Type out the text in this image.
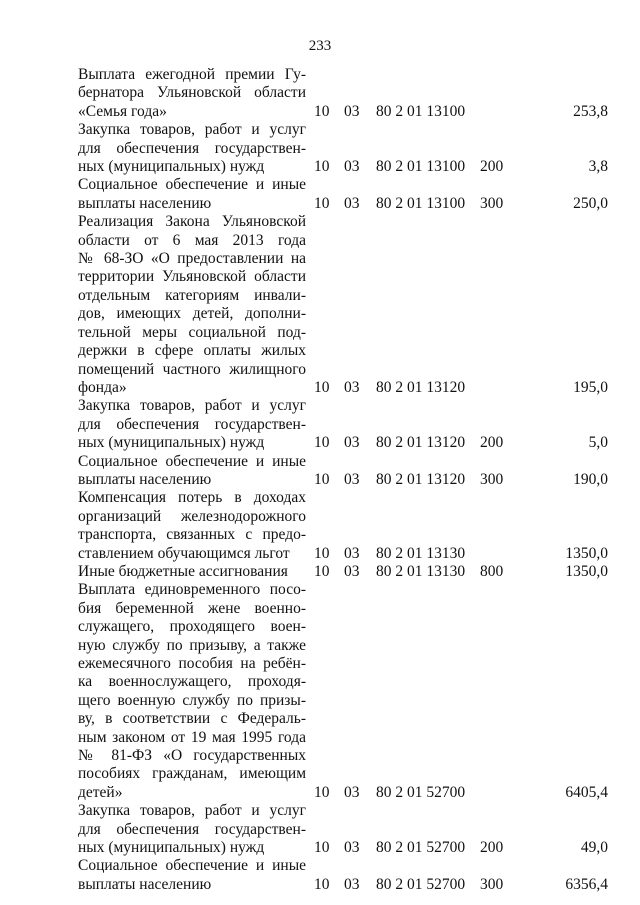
233
Выплата ежегодной премии Гу-
бернатора Ульяновской области
«Семья года»	10 03	80 2 01 13100	253,8
Закупка товаров, работ и услуг
для обеспечения государствен-
ных (муниципальных) нужд	10 03	80 2 01 13100 200	3,8
Социальное обеспечение и иные
выплаты населению	10 03	80 2 01 13100 300	250,0
Реализация Закона Ульяновской
области от 6 мая 2013 года
№ 68-ЗО «О предоставлении на
территории Ульяновской области
отдельным категориям инвали-
дов, имеющих детей, дополни-
тельной меры социальной под-
держки в сфере оплаты жилых
помещений частного жилищного
фонда»	10 03	80 2 01 13120	195,0
Закупка товаров, работ и услуг
для обеспечения государствен-
ных (муниципальных) нужд	10 03	80 2 01 13120 200	5,0
Социальное обеспечение и иные
выплаты населению	10 03	80 2 01 13120 300	190,0
Компенсация потерь в доходах
организаций железнодорожного
транспорта, связанных с предо-
ставлением обучающимся льгот	10 03	80 2 01 13130	1350,0
Иные бюджетные ассигнования	10 03	80 2 01 13130 800	1350,0
Выплата единовременного посо-
бия беременной жене военно-
служащего, проходящего воен-
ную службу по призыву, а также
ежемесячного пособия на ребён-
ка военнослужащего, проходя-
щего военную службу по призы-
ву, в соответствии с Федераль-
ным законом от 19 мая 1995 года
№ 81-ФЗ «О государственных
пособиях гражданам, имеющим
детей»	10 03	80 2 01 52700	6405,4
Закупка товаров, работ и услуг
для обеспечения государствен-
ных (муниципальных) нужд	10 03	80 2 01 52700 200	49,0
Социальное обеспечение и иные
выплаты населению	10 03	80 2 01 52700 300	6356,4
